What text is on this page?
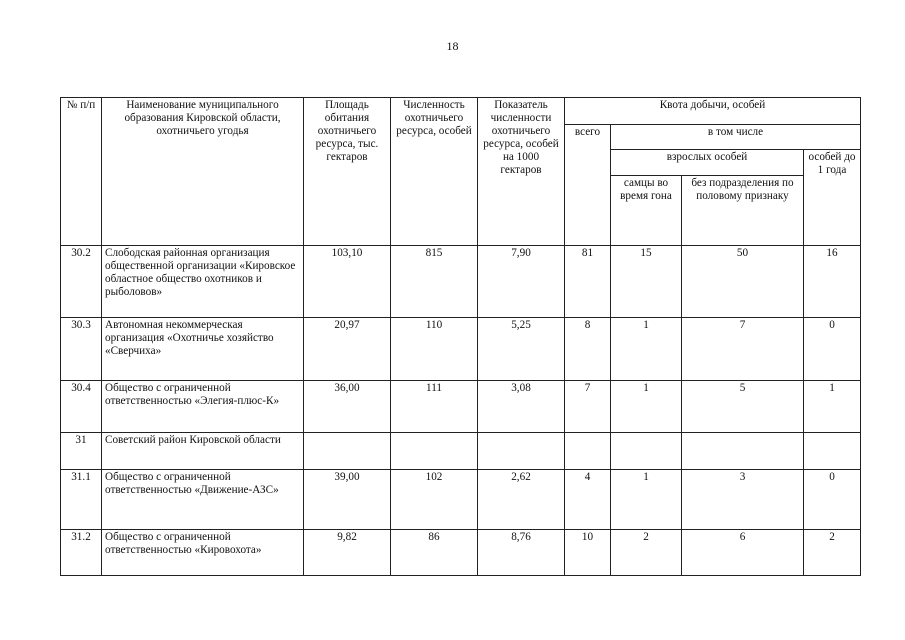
18
№ п/п	Наименование муниципального образования Кировской области, охотничьего угодья	Площадь обитания охотничьего ресурса, тыс. гектаров	Численность охотничьего ресурса, особей	Показатель численности охотничьего ресурса, особей на 1000 гектаров	Квота добычи, особей			
					всего	в том числе		
						взрослых особей		особей до 1 года
						самцы во время гона	без подразделения по половому признаку	
30.2	Слободская районная организация общественной организации «Кировское областное общество охотников и рыболовов»	103,10	815	7,90	81	15	50	16
30.3	Автономная некоммерческая организация «Охотничье хозяйство «Сверчиха»	20,97	110	5,25	8	1	7	0
30.4	Общество с ограниченной ответственностью «Элегия-плюс-К»	36,00	111	3,08	7	1	5	1
31	Советский район Кировской области							
31.1	Общество с ограниченной ответственностью «Движение-АЗС»	39,00	102	2,62	4	1	3	0
31.2	Общество с ограниченной ответственностью «Кировохота»	9,82	86	8,76	10	2	6	2
